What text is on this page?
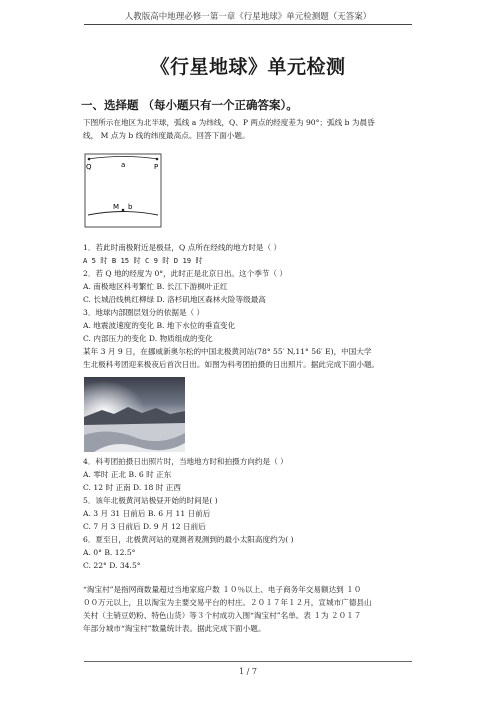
人教版高中地理必修一第一章《行星地球》单元检测题（无答案）
《行星地球》单元检测
一、选择题 （每小题只有一个正确答案）。
下图所示在地区为北半球，弧线 a 为纬线，Q、P 两点的经度差为 90°；弧线 b 为晨昏
线， M 点为 b 线的纬度最高点。回答下面小题。
Q	P
a
M b
1．若此时南极附近是极昼，Q 点所在经线的地方时是（ ）
A 5 时 B 15 时 C 9 时 D 19 时
2．若 Q 地的经度为 0°，此时正是北京日出。这个季节（ ）
A. 南极地区科考繁忙 B. 长江下游枫叶正红
C. 长城沿线桃红柳绿 D. 洛杉矶地区森林火险等级最高
3．地球内部圈层划分的依据是（ ）
A. 地震波速度的变化 B. 地下水位的垂直变化
C. 内部压力的变化 D. 物质组成的变化
某年 3 月 9 日，在挪威新奥尔松的中国北极黄河站(78° 55′ N,11° 56′ E)，中国大学
生北极科考团迎来极夜后首次日出。如图为科考团拍摄的日出照片。据此完成下面小题。
4．科考团拍摄日出照片时，当地地方时和拍摄方向约是（ ）
A. 零时 正北 B. 6 时 正东
C. 12 时 正南 D. 18 时 正西
5．该年北极黄河站极昼开始的时间是( )
A. 3 月 31 日前后 B. 6 月 11 日前后
C. 7 月 3 日前后 D. 9 月 12 日前后
6．夏至日，北极黄河站的观测者观测到的最小太阳高度约为( )
A. 0° B. 12.5°
C. 22° D. 34.5°
“淘宝村”是指网商数量超过当地家庭户数 １０％以上、电子商务年交易额达到 １０
００万元以上，且以淘宝为主要交易平台的村庄。２０１７年１２月，宣城市广德县山
关村（主销豆奶粉、特色山货）等３个村成功入围“淘宝村”名单。表 １为 ２０１７
年部分城市“淘宝村”数量统计表。据此完成下面小题。
1 / 7
